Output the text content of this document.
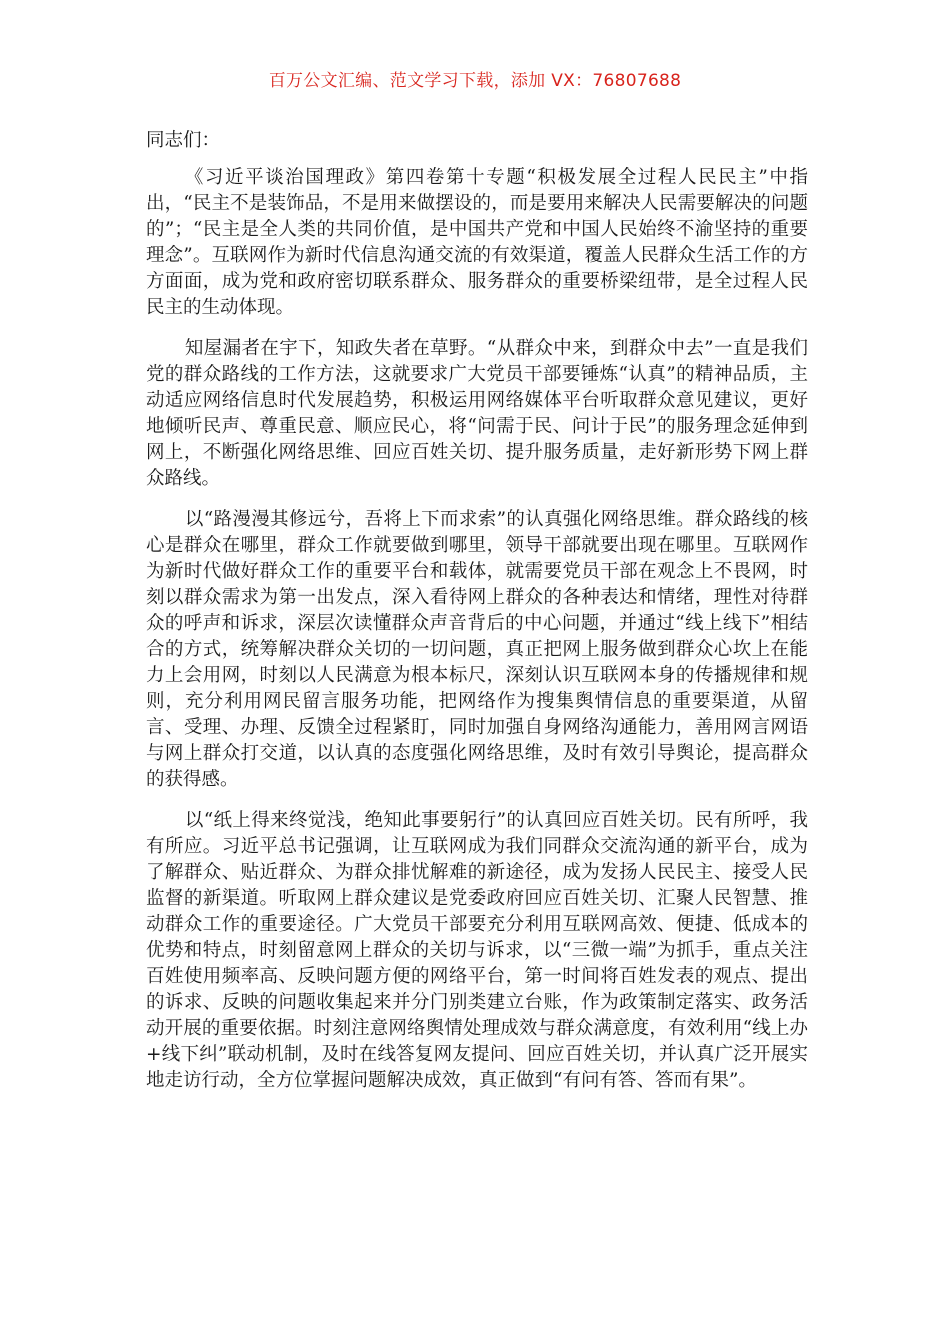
百万公文汇编、范文学习下载，添加 VX：76807688

同志们：

《习近平谈治国理政》第四卷第十专题“积极发展全过程人民民主”中指出，“民主不是装饰品，不是用来做摆设的，而是要用来解决人民需要解决的问题的”；“民主是全人类的共同价值，是中国共产党和中国人民始终不渝坚持的重要理念”。互联网作为新时代信息沟通交流的有效渠道，覆盖人民群众生活工作的方方面面，成为党和政府密切联系群众、服务群众的重要桥梁纽带，是全过程人民民主的生动体现。

知屋漏者在宇下，知政失者在草野。“从群众中来，到群众中去”一直是我们党的群众路线的工作方法，这就要求广大党员干部要锤炼“认真”的精神品质，主动适应网络信息时代发展趋势，积极运用网络媒体平台听取群众意见建议，更好地倾听民声、尊重民意、顺应民心，将“问需于民、问计于民”的服务理念延伸到网上，不断强化网络思维、回应百姓关切、提升服务质量，走好新形势下网上群众路线。

以“路漫漫其修远兮，吾将上下而求索”的认真强化网络思维。群众路线的核心是群众在哪里，群众工作就要做到哪里，领导干部就要出现在哪里。互联网作为新时代做好群众工作的重要平台和载体，就需要党员干部在观念上不畏网，时刻以群众需求为第一出发点，深入看待网上群众的各种表达和情绪，理性对待群众的呼声和诉求，深层次读懂群众声音背后的中心问题，并通过“线上线下”相结合的方式，统筹解决群众关切的一切问题，真正把网上服务做到群众心坎上在能力上会用网，时刻以人民满意为根本标尺，深刻认识互联网本身的传播规律和规则，充分利用网民留言服务功能，把网络作为搜集舆情信息的重要渠道，从留言、受理、办理、反馈全过程紧盯，同时加强自身网络沟通能力，善用网言网语与网上群众打交道，以认真的态度强化网络思维，及时有效引导舆论，提高群众的获得感。

以“纸上得来终觉浅，绝知此事要躬行”的认真回应百姓关切。民有所呼，我有所应。习近平总书记强调，让互联网成为我们同群众交流沟通的新平台，成为了解群众、贴近群众、为群众排忧解难的新途径，成为发扬人民民主、接受人民监督的新渠道。听取网上群众建议是党委政府回应百姓关切、汇聚人民智慧、推动群众工作的重要途径。广大党员干部要充分利用互联网高效、便捷、低成本的优势和特点，时刻留意网上群众的关切与诉求，以“三微一端”为抓手，重点关注百姓使用频率高、反映问题方便的网络平台，第一时间将百姓发表的观点、提出的诉求、反映的问题收集起来并分门别类建立台账，作为政策制定落实、政务活动开展的重要依据。时刻注意网络舆情处理成效与群众满意度，有效利用“线上办+线下纠”联动机制，及时在线答复网友提问、回应百姓关切，并认真广泛开展实地走访行动，全方位掌握问题解决成效，真正做到“有问有答、答而有果”。
